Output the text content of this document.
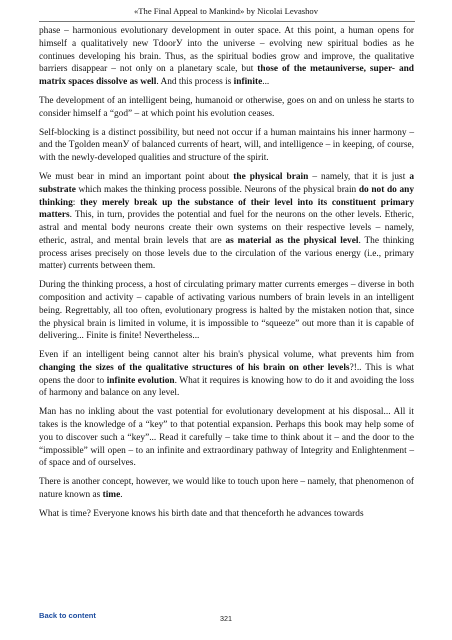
«The Final Appeal to Mankind» by Nicolai Levashov

phase – harmonious evolutionary development in outer space. At this point, a human opens for himself a qualitatively new TdoorУ into the universe – evolving new spiritual bodies as he continues developing his brain. Thus, as the spiritual bodies grow and improve, the qualitative barriers disappear – not only on a planetary scale, but those of the metauniverse, super- and matrix spaces dissolve as well. And this process is infinite...

The development of an intelligent being, humanoid or otherwise, goes on and on unless he starts to consider himself a “god” – at which point his evolution ceases.

Self-blocking is a distinct possibility, but need not occur if a human maintains his inner harmony – and the Tgolden meanУ of balanced currents of heart, will, and intelligence – in keeping, of course, with the newly-developed qualities and structure of the spirit.

We must bear in mind an important point about the physical brain – namely, that it is just a substrate which makes the thinking process possible. Neurons of the physical brain do not do any thinking: they merely break up the substance of their level into its constituent primary matters. This, in turn, provides the potential and fuel for the neurons on the other levels. Etheric, astral and mental body neurons create their own systems on their respective levels – namely, etheric, astral, and mental brain levels that are as material as the physical level. The thinking process arises precisely on those levels due to the circulation of the various energy (i.e., primary matter) currents between them.

During the thinking process, a host of circulating primary matter currents emerges – diverse in both composition and activity – capable of activating various numbers of brain levels in an intelligent being. Regrettably, all too often, evolutionary progress is halted by the mistaken notion that, since the physical brain is limited in volume, it is impossible to “squeeze” out more than it is capable of delivering... Finite is finite! Nevertheless...

Even if an intelligent being cannot alter his brain's physical volume, what prevents him from changing the sizes of the qualitative structures of his brain on other levels?!.. This is what opens the door to infinite evolution. What it requires is knowing how to do it and avoiding the loss of harmony and balance on any level.

Man has no inkling about the vast potential for evolutionary development at his disposal... All it takes is the knowledge of a “key” to that potential expansion. Perhaps this book may help some of you to discover such a “key”... Read it carefully – take time to think about it – and the door to the “impossible” will open – to an infinite and extraordinary pathway of Integrity and Enlightenment – of space and of ourselves.

There is another concept, however, we would like to touch upon here – namely, that phenomenon of nature known as time.

What is time? Everyone knows his birth date and that thenceforth he advances towards

Back to content	321
